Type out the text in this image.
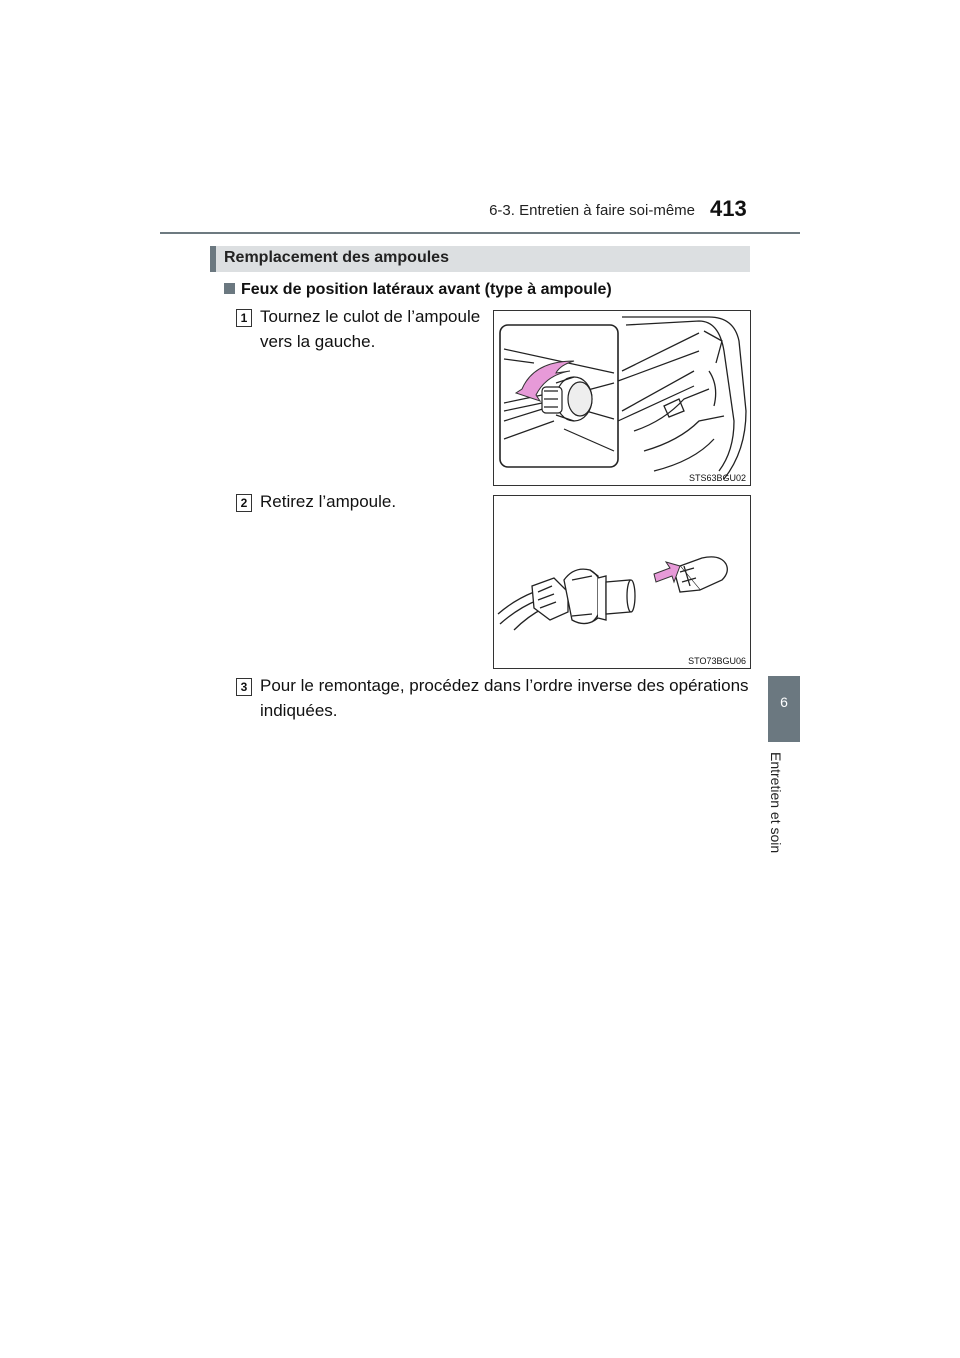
6-3. Entretien à faire soi-même 413
6
Entretien et soin
Remplacement des ampoules
Feux de position latéraux avant (type à ampoule)
1 Tournez le culot de l’ampoule vers la gauche.
STS63BGU02
2 Retirez l’ampoule.
STO73BGU06
3 Pour le remontage, procédez dans l’ordre inverse des opérations indiquées.
